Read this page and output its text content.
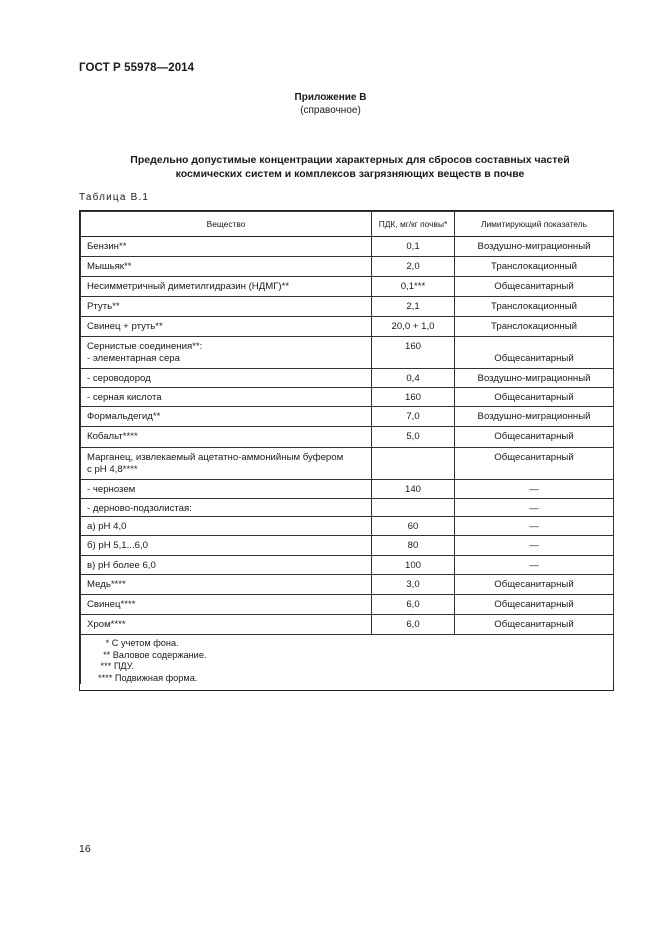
ГОСТ Р 55978—2014
Приложение В
(справочное)
Предельно допустимые концентрации характерных для сбросов составных частей
космических систем и комплексов загрязняющих веществ в почве
Таблица В.1
Вещество	ПДК, мг/кг почвы*	Лимитирующий показатель
Бензин**	0,1	Воздушно-миграционный
Мышьяк**	2,0	Транслокационный
Несимметричный диметилгидразин (НДМГ)**	0,1***	Общесанитарный
Ртуть**	2,1	Транслокационный
Свинец + ртуть**	20,0 + 1,0	Транслокационный

Сернистые соединения**:
- элементарная сера	160	Общесанитарный

- сероводород	0,4	Воздушно-миграционный
- серная кислота	160	Общесанитарный
Формальдегид**	7,0	Воздушно-миграционный
Кобальт****	5,0	Общесанитарный

Марганец, извлекаемый ацетатно-аммонийным буфером
с pH 4,8****		Общесанитарный
- чернозем	140	—
- дерново-подзолистая:		—
а) pH 4,0	60	—
б) pH 5,1...6,0	80	—
в) pH более 6,0	100	—
Медь****	3,0	Общесанитарный
Свинец****	6,0	Общесанитарный
Хром****	6,0	Общесанитарный

* С учетом фона.
** Валовое содержание.
*** ПДУ.
**** Подвижная форма.		
16
